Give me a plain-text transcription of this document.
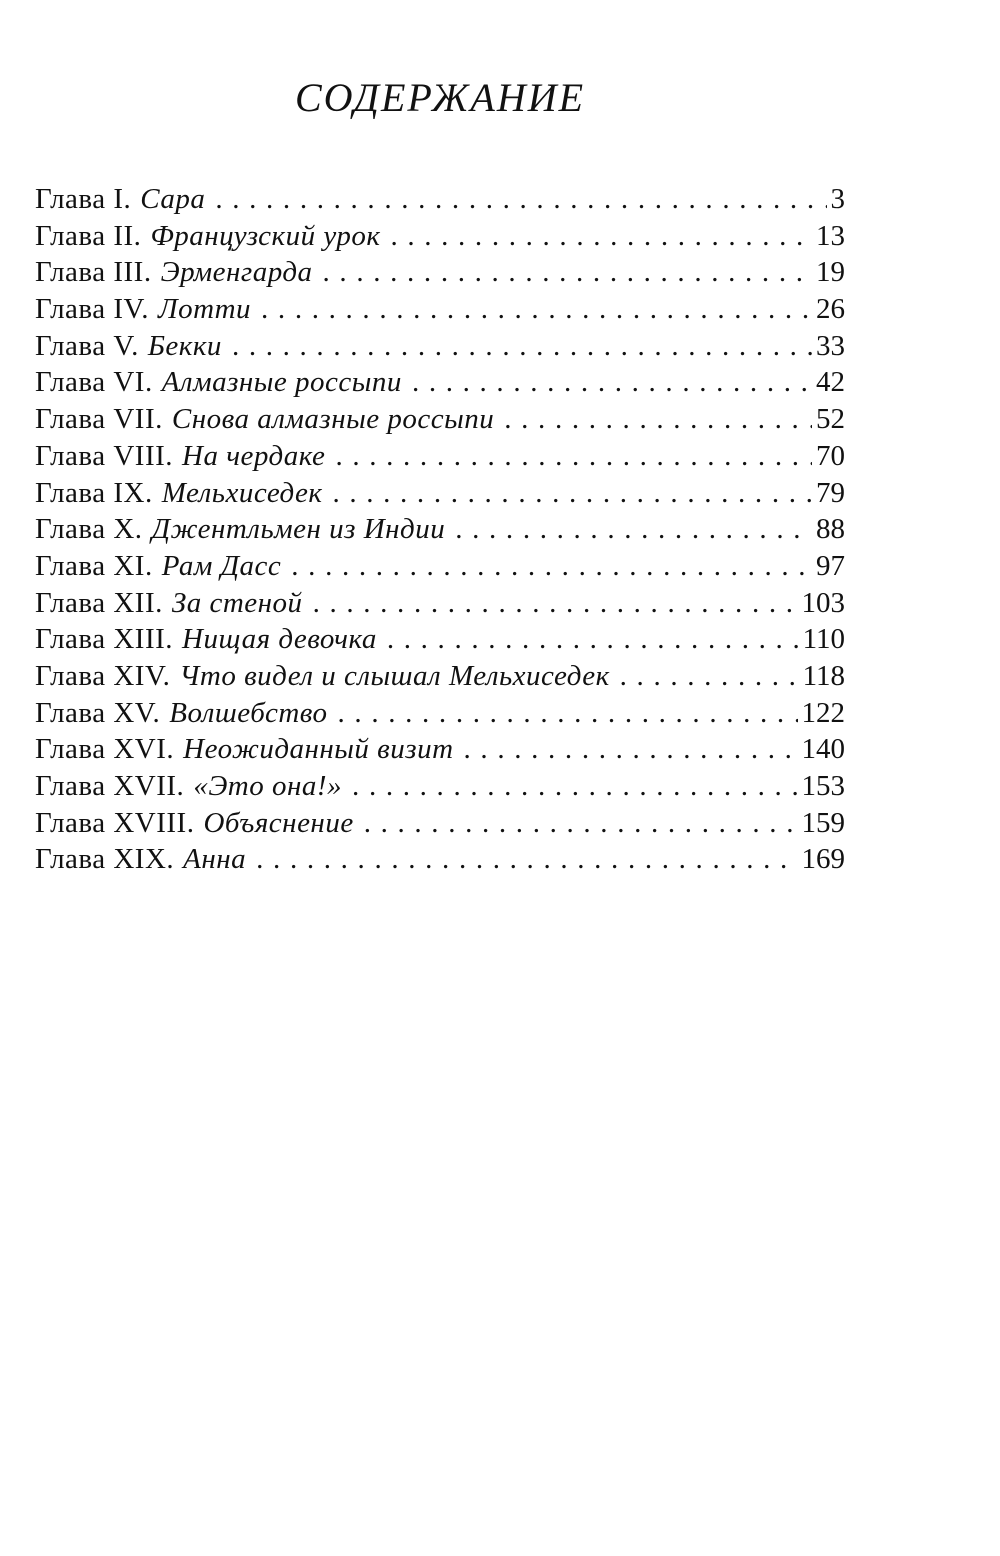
СОДЕРЖАНИЕ
Глава I. Сара . . .	3
Глава II. Французский урок . . .	13
Глава III. Эрменгарда . . .	19
Глава IV. Лотти . . .	26
Глава V. Бекки . . .	33
Глава VI. Алмазные россыпи . . .	42
Глава VII. Снова алмазные россыпи . . .	52
Глава VIII. На чердаке . . .	70
Глава IX. Мельхиседек . . .	79
Глава X. Джентльмен из Индии . . .	88
Глава XI. Рам Дасс . . .	97
Глава XII. За стеной . . .	103
Глава XIII. Нищая девочка . . .	110
Глава XIV. Что видел и слышал Мельхиседек . . .	118
Глава XV. Волшебство . . .	122
Глава XVI. Неожиданный визит . . .	140
Глава XVII. «Это она!» . . .	153
Глава XVIII. Объяснение . . .	159
Глава XIX. Анна . . .	169
